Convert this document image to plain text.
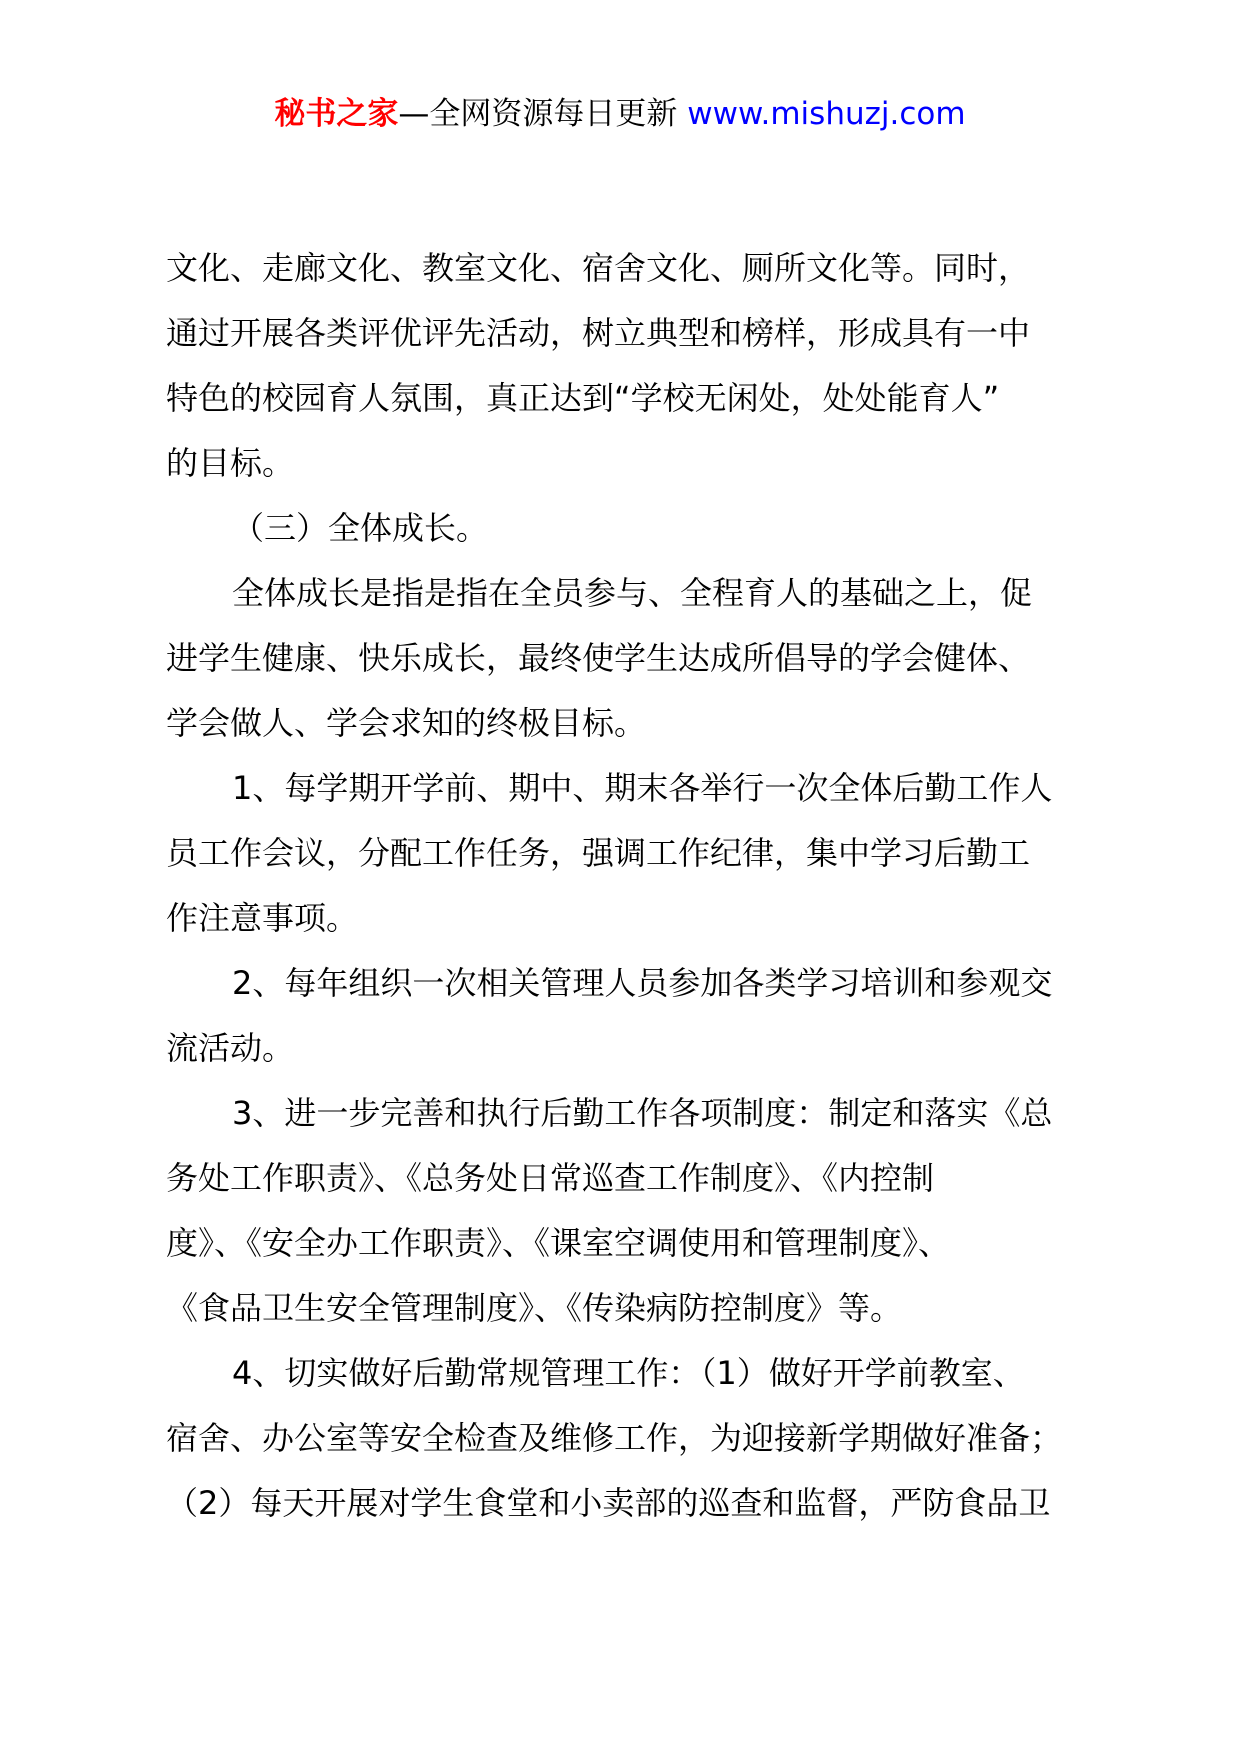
秘书之家—全网资源每日更新 www.mishuzj.com
文化、走廊文化、教室文化、宿舍文化、厕所文化等。同时，
通过开展各类评优评先活动，树立典型和榜样，形成具有一中
特色的校园育人氛围，真正达到“学校无闲处，处处能育人”
的目标。
（三）全体成长。
全体成长是指是指在全员参与、全程育人的基础之上，促
进学生健康、快乐成长，最终使学生达成所倡导的学会健体、
学会做人、学会求知的终极目标。
1、每学期开学前、期中、期末各举行一次全体后勤工作人
员工作会议，分配工作任务，强调工作纪律，集中学习后勤工
作注意事项。
2、每年组织一次相关管理人员参加各类学习培训和参观交
流活动。
3、进一步完善和执行后勤工作各项制度：制定和落实《总
务处工作职责》、《总务处日常巡查工作制度》、《内控制
度》、《安全办工作职责》、《课室空调使用和管理制度》、
《食品卫生安全管理制度》、《传染病防控制度》等。
4、切实做好后勤常规管理工作：（1）做好开学前教室、
宿舍、办公室等安全检查及维修工作，为迎接新学期做好准备；
（2）每天开展对学生食堂和小卖部的巡查和监督，严防食品卫
